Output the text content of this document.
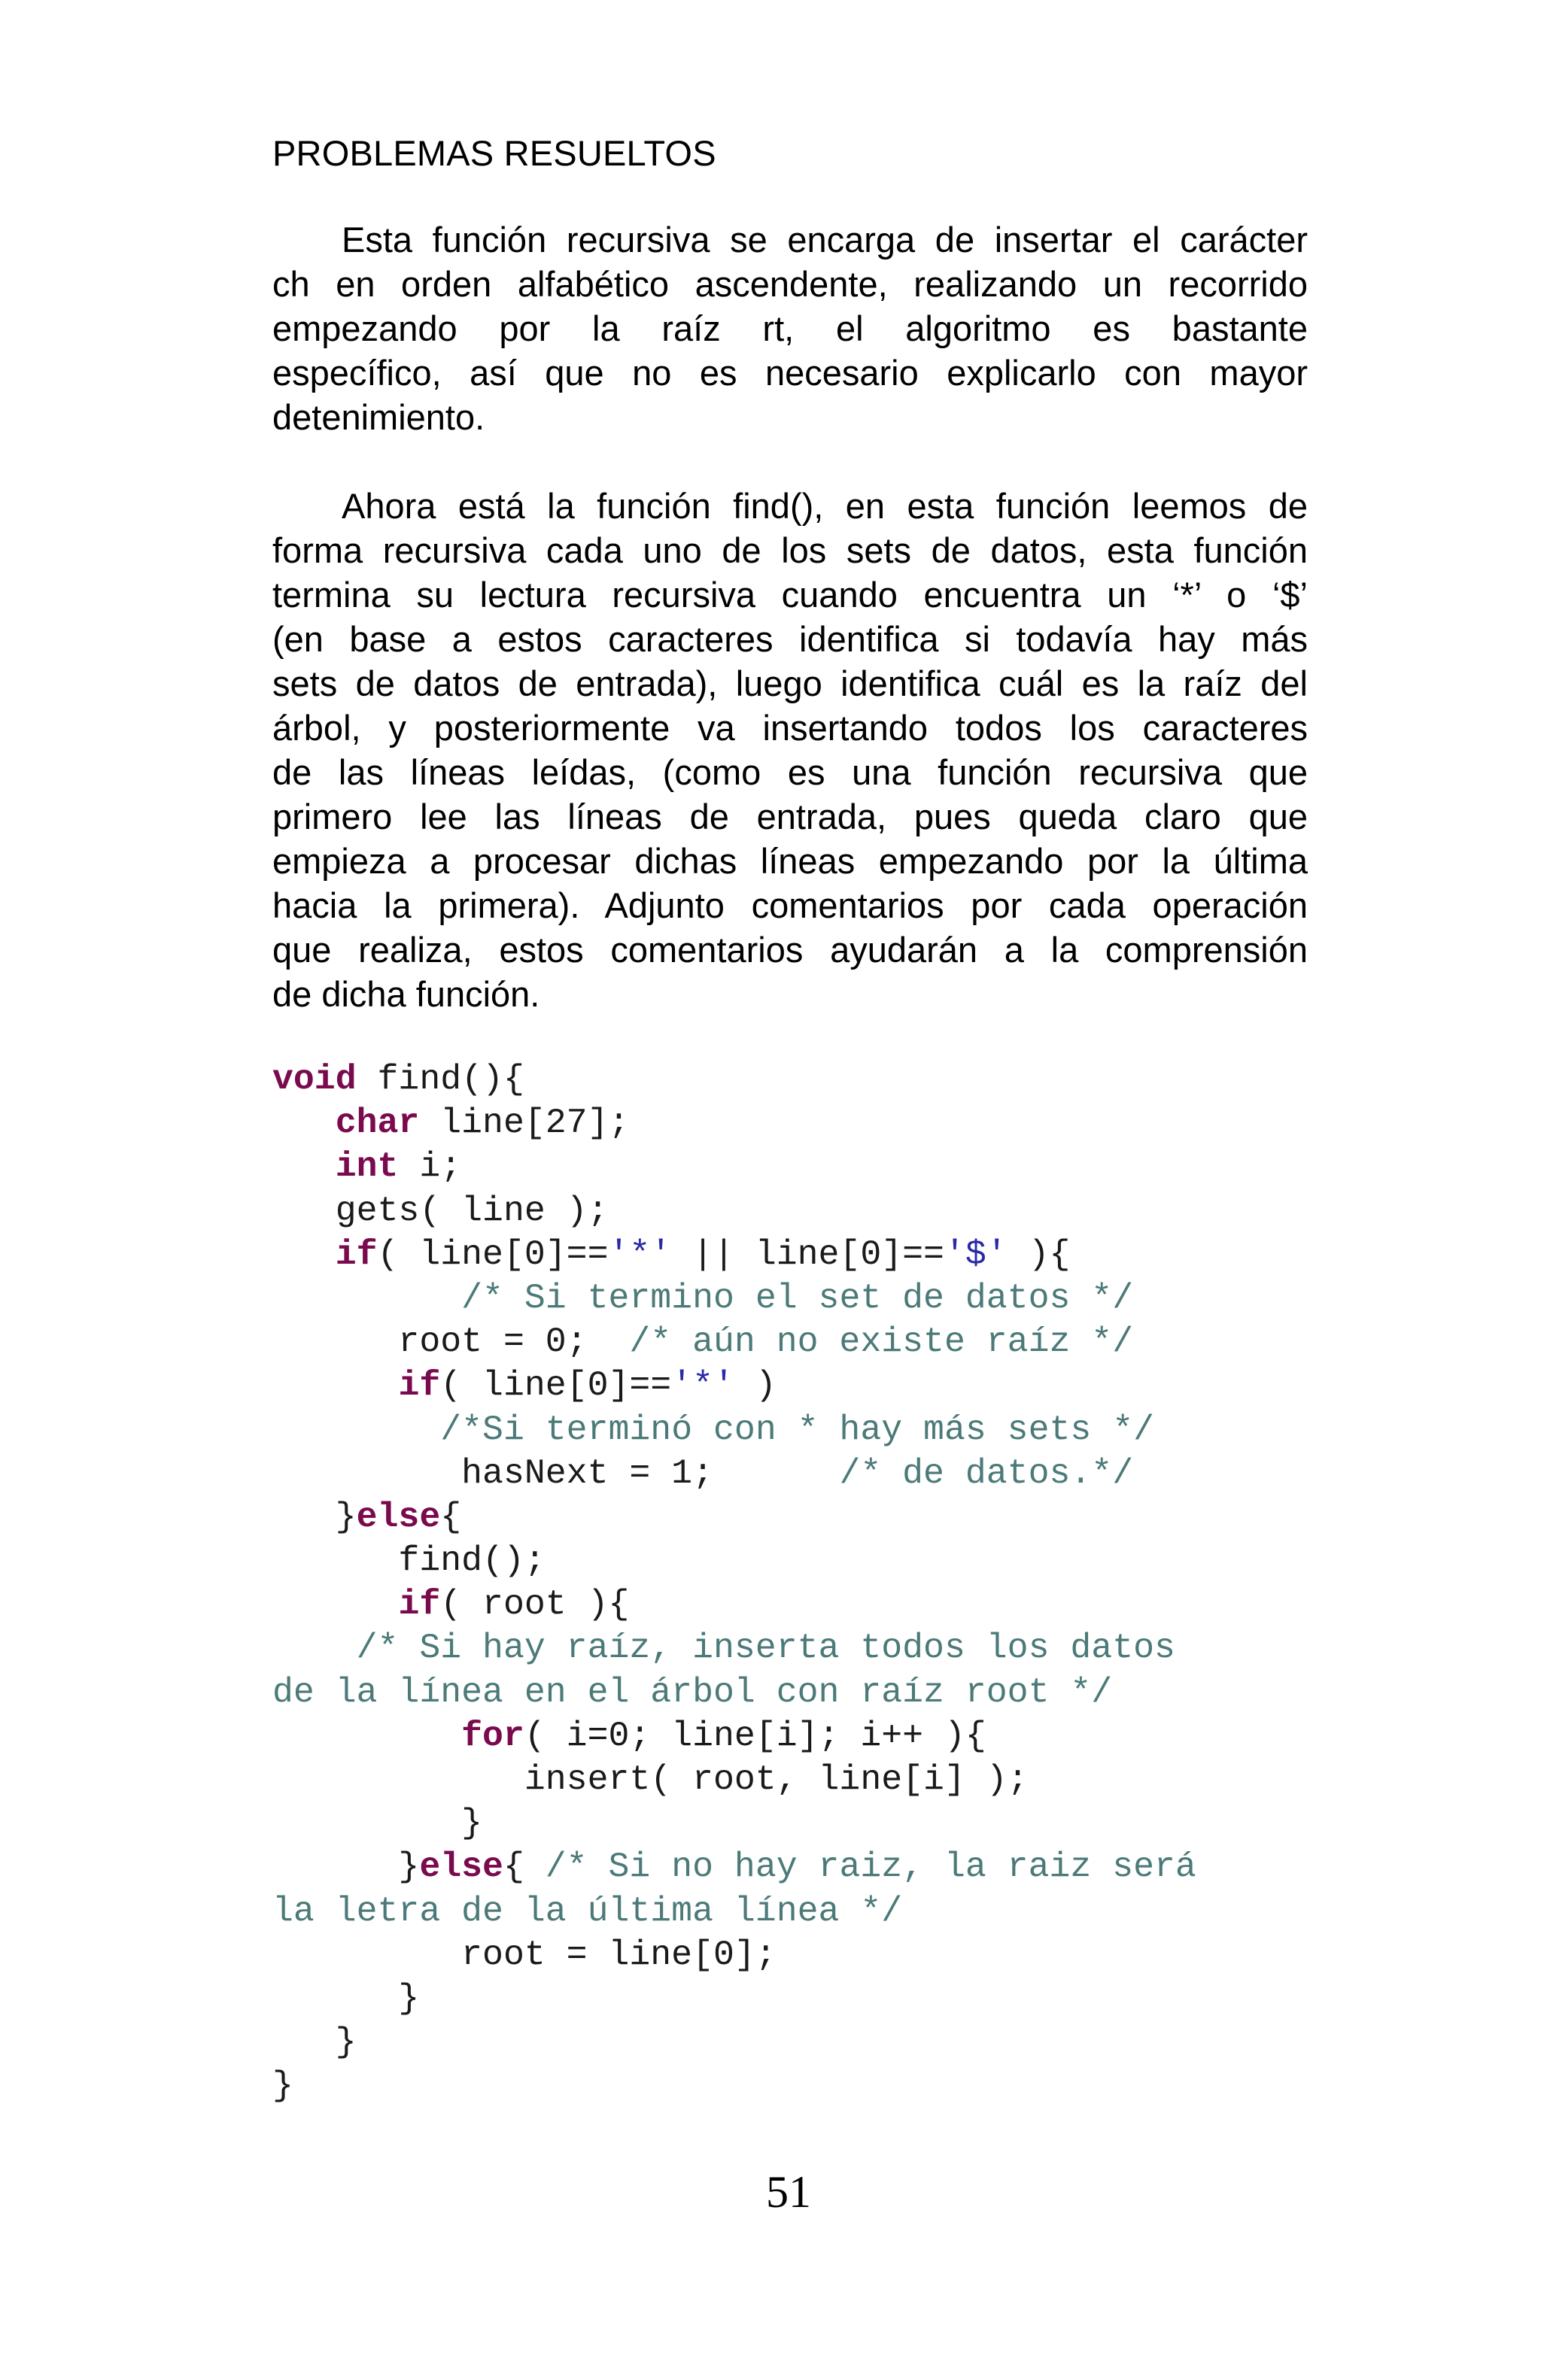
PROBLEMAS RESUELTOS
Esta función recursiva se encarga de insertar el carácter
ch en orden alfabético ascendente, realizando un recorrido
empezando por la raíz rt, el algoritmo es bastante
específico, así que no es necesario explicarlo con mayor
detenimiento.
Ahora está la función find(), en esta función leemos de
forma recursiva cada uno de los sets de datos, esta función
termina su lectura recursiva cuando encuentra un ‘*’ o ‘$’
(en base a estos caracteres identifica si todavía hay más
sets de datos de entrada), luego identifica cuál es la raíz del
árbol, y posteriormente va insertando todos los caracteres
de las líneas leídas, (como es una función recursiva que
primero lee las líneas de entrada, pues queda claro que
empieza a procesar dichas líneas empezando por la última
hacia la primera). Adjunto comentarios por cada operación
que realiza, estos comentarios ayudarán a la comprensión
de dicha función.
void find(){
char line[27];
int i;
gets( line );
if( line[0]=='*' || line[0]=='$' ){
/* Si termino el set de datos */
root = 0;  /* aún no existe raíz */
if( line[0]=='*' )
/*Si terminó con * hay más sets */
hasNext = 1;      /* de datos.*/
}else{
find();
if( root ){
/* Si hay raíz, inserta todos los datos
de la línea en el árbol con raíz root */
for( i=0; line[i]; i++ ){
insert( root, line[i] );
}
}else{ /* Si no hay raiz, la raiz será
la letra de la última línea */
root = line[0];
}
}
}
51
